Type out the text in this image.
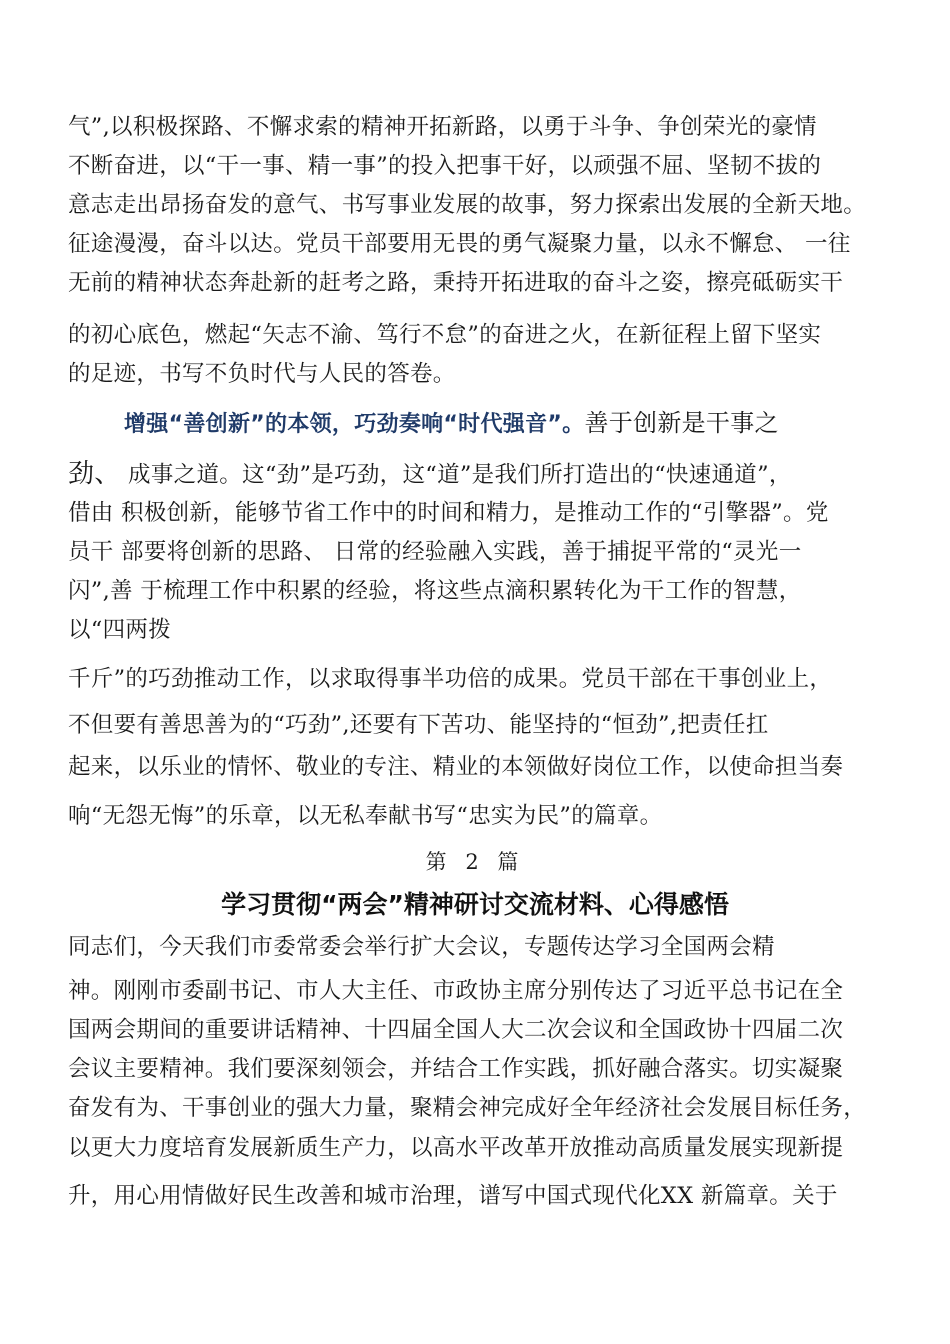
气”,以积极探路、不懈求索的精神开拓新路，以勇于斗争、争创荣光的豪情
不断奋进，以“干一事、精一事”的投入把事干好，以顽强不屈、坚韧不拔的
意志走出昂扬奋发的意气、书写事业发展的故事，努力探索出发展的全新天地。
征途漫漫，奋斗以达。党员干部要用无畏的勇气凝聚力量，以永不懈怠、 一往
无前的精神状态奔赴新的赶考之路，秉持开拓进取的奋斗之姿，擦亮砥砺实干
的初心底色，燃起“矢志不渝、笃行不怠”的奋进之火，在新征程上留下坚实
的足迹，书写不负时代与人民的答卷。
增强“善创新”的本领，巧劲奏响“时代强音”。善于创新是干事之
劲、 成事之道。这“劲”是巧劲，这“道”是我们所打造出的“快速通道”，
借由 积极创新，能够节省工作中的时间和精力，是推动工作的“引擎器”。党
员干 部要将创新的思路、 日常的经验融入实践，善于捕捉平常的“灵光一
闪”,善 于梳理工作中积累的经验，将这些点滴积累转化为干工作的智慧，
以“四两拨
千斤”的巧劲推动工作，以求取得事半功倍的成果。党员干部在干事创业上，
不但要有善思善为的“巧劲”,还要有下苦功、能坚持的“恒劲”,把责任扛
起来，以乐业的情怀、敬业的专注、精业的本领做好岗位工作，以使命担当奏
响“无怨无悔”的乐章，以无私奉献书写“忠实为民”的篇章。
第 2 篇
学习贯彻“两会”精神研讨交流材料、心得感悟
同志们，今天我们市委常委会举行扩大会议，专题传达学习全国两会精
神。刚刚市委副书记、市人大主任、市政协主席分别传达了习近平总书记在全
国两会期间的重要讲话精神、十四届全国人大二次会议和全国政协十四届二次
会议主要精神。我们要深刻领会，并结合工作实践，抓好融合落实。切实凝聚
奋发有为、干事创业的强大力量，聚精会神完成好全年经济社会发展目标任务，
以更大力度培育发展新质生产力，以高水平改革开放推动高质量发展实现新提
升，用心用情做好民生改善和城市治理，谱写中国式现代化XX 新篇章。关于
